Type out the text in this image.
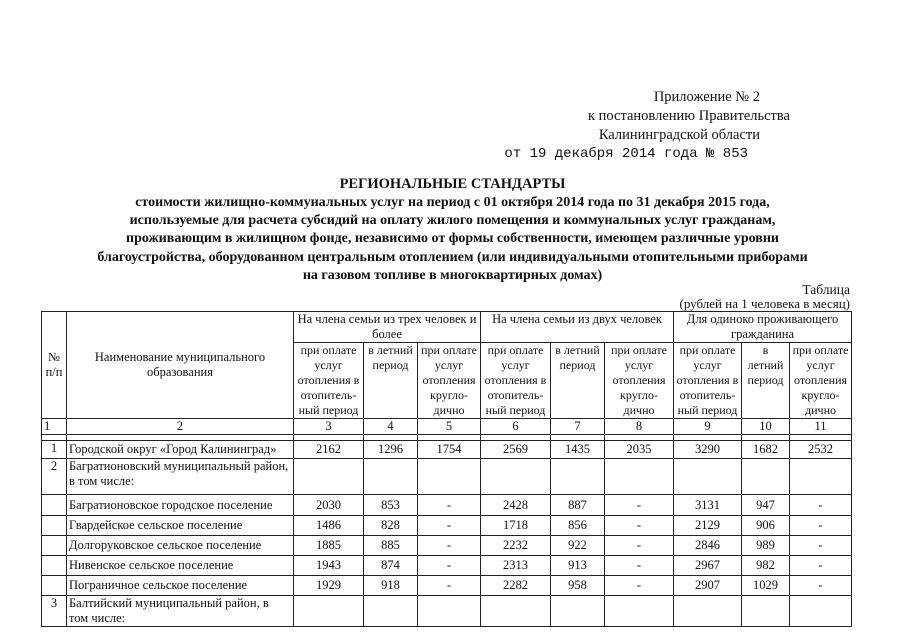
Приложение № 2
к постановлению Правительства
Калининградской области
от 19 декабря 2014 года № 853
РЕГИОНАЛЬНЫЕ СТАНДАРТЫ
стоимости жилищно-коммунальных услуг на период с 01 октября 2014 года по 31 декабря 2015 года,
используемые для расчета субсидий на оплату жилого помещения и коммунальных услуг гражданам,
проживающим в жилищном фонде, независимо от формы собственности, имеющем различные уровни
благоустройства, оборудованном центральным отоплением (или индивидуальными отопительными приборами
на газовом топливе в многоквартирных домах)
Таблица
(рублей на 1 человека в месяц)
№ п/п	Наименование муниципального образования	На члена семьи из трех человек и более			На члена семьи из двух человек			Для одиноко проживающего гражданина		
		при оплате услуг отопления в отопитель-ный период	в летний период	при оплате услуг отопления кругло-дично	при оплате услуг отопления в отопитель-ный период	в летний период	при оплате услуг отопления кругло-дично	при оплате услуг отопления в отопитель-ный период	в летний период	при оплате услуг отопления кругло-дично
1	2	3	4	5	6	7	8	9	10	11

1	Городской округ «Город Калининград»	2162	1296	1754	2569	1435	2035	3290	1682	2532
2	Багратионовский муниципальный район, в том числе:									
	Багратионовское городское поселение	2030	853	-	2428	887	-	3131	947	-
	Гвардейское сельское поселение	1486	828	-	1718	856	-	2129	906	-
	Долгоруковское сельское поселение	1885	885	-	2232	922	-	2846	989	-
	Нивенское сельское поселение	1943	874	-	2313	913	-	2967	982	-
	Пограничное сельское поселение	1929	918	-	2282	958	-	2907	1029	-
3	Балтийский муниципальный район, в том числе:									
